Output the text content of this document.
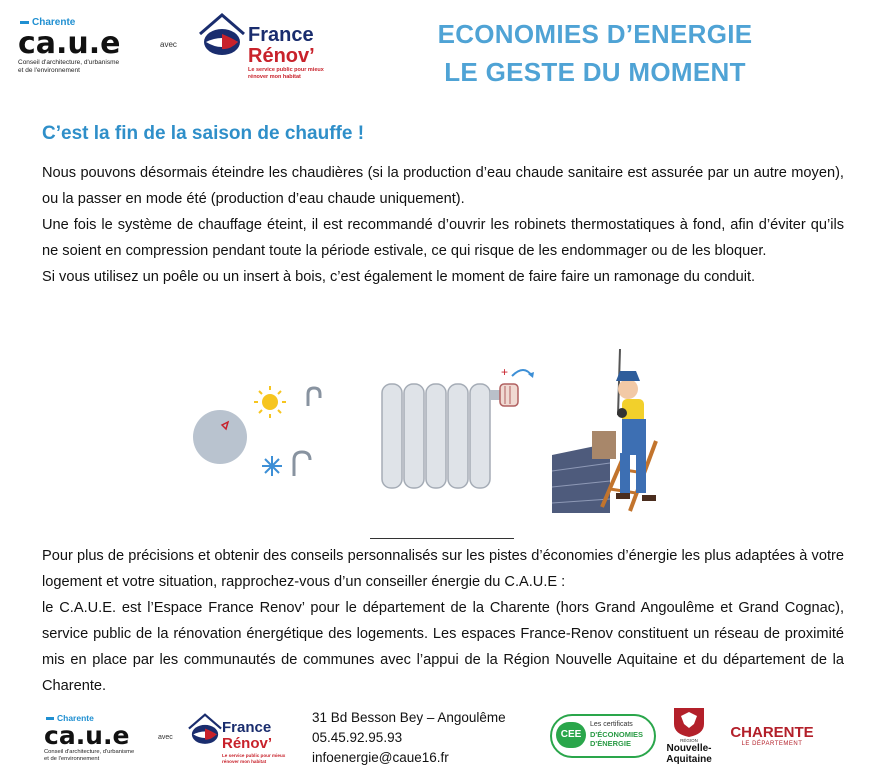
Charente
ca.u.e
Conseil d'architecture, d'urbanisme
et de l'environnement
avec	France
Rénov’
Le service public pour mieux
rénover mon habitat
ECONOMIES D’ENERGIE
LE GESTE DU MOMENT
C’est la fin de la saison de chauffe !

Nous pouvons désormais éteindre les chaudières (si la production d’eau chaude sanitaire est assurée par un autre moyen), ou la passer en mode été (production d’eau chaude uniquement).

Une fois le système de chauffage éteint, il est recommandé d’ouvrir les robinets thermostatiques à fond, afin d’éviter qu’ils ne soient en compression pendant toute la période estivale, ce qui risque de les endommager ou de les bloquer.

Si vous utilisez un poêle ou un insert à bois, c’est également le moment de faire faire un ramonage du conduit.

+

Pour plus de précisions et obtenir des conseils personnalisés sur les pistes d’économies d’énergie les plus adaptées à votre logement et votre situation, rapprochez-vous d’un conseiller énergie du C.A.U.E :

le C.A.U.E. est l’Espace France Renov’ pour le département de la Charente (hors Grand Angoulême et Grand Cognac), service public de la rénovation énergétique des logements. Les espaces France-Renov constituent un réseau de proximité mis en place par les communautés de communes avec l’appui de la Région Nouvelle Aquitaine et du département de la Charente.

Charente
ca.u.e
Conseil d'architecture, d'urbanisme
et de l'environnement
avec
France
Rénov’
Le service public pour mieux
rénover mon habitat
31 Bd Besson Bey – Angoulême
05.45.92.95.93
infoenergie@caue16.fr
CEE
Les certificats
D'ÉCONOMIES
D'ÉNERGIE	RÉGION
Nouvelle-
Aquitaine
CHARENTE
LE DÉPARTEMENT
